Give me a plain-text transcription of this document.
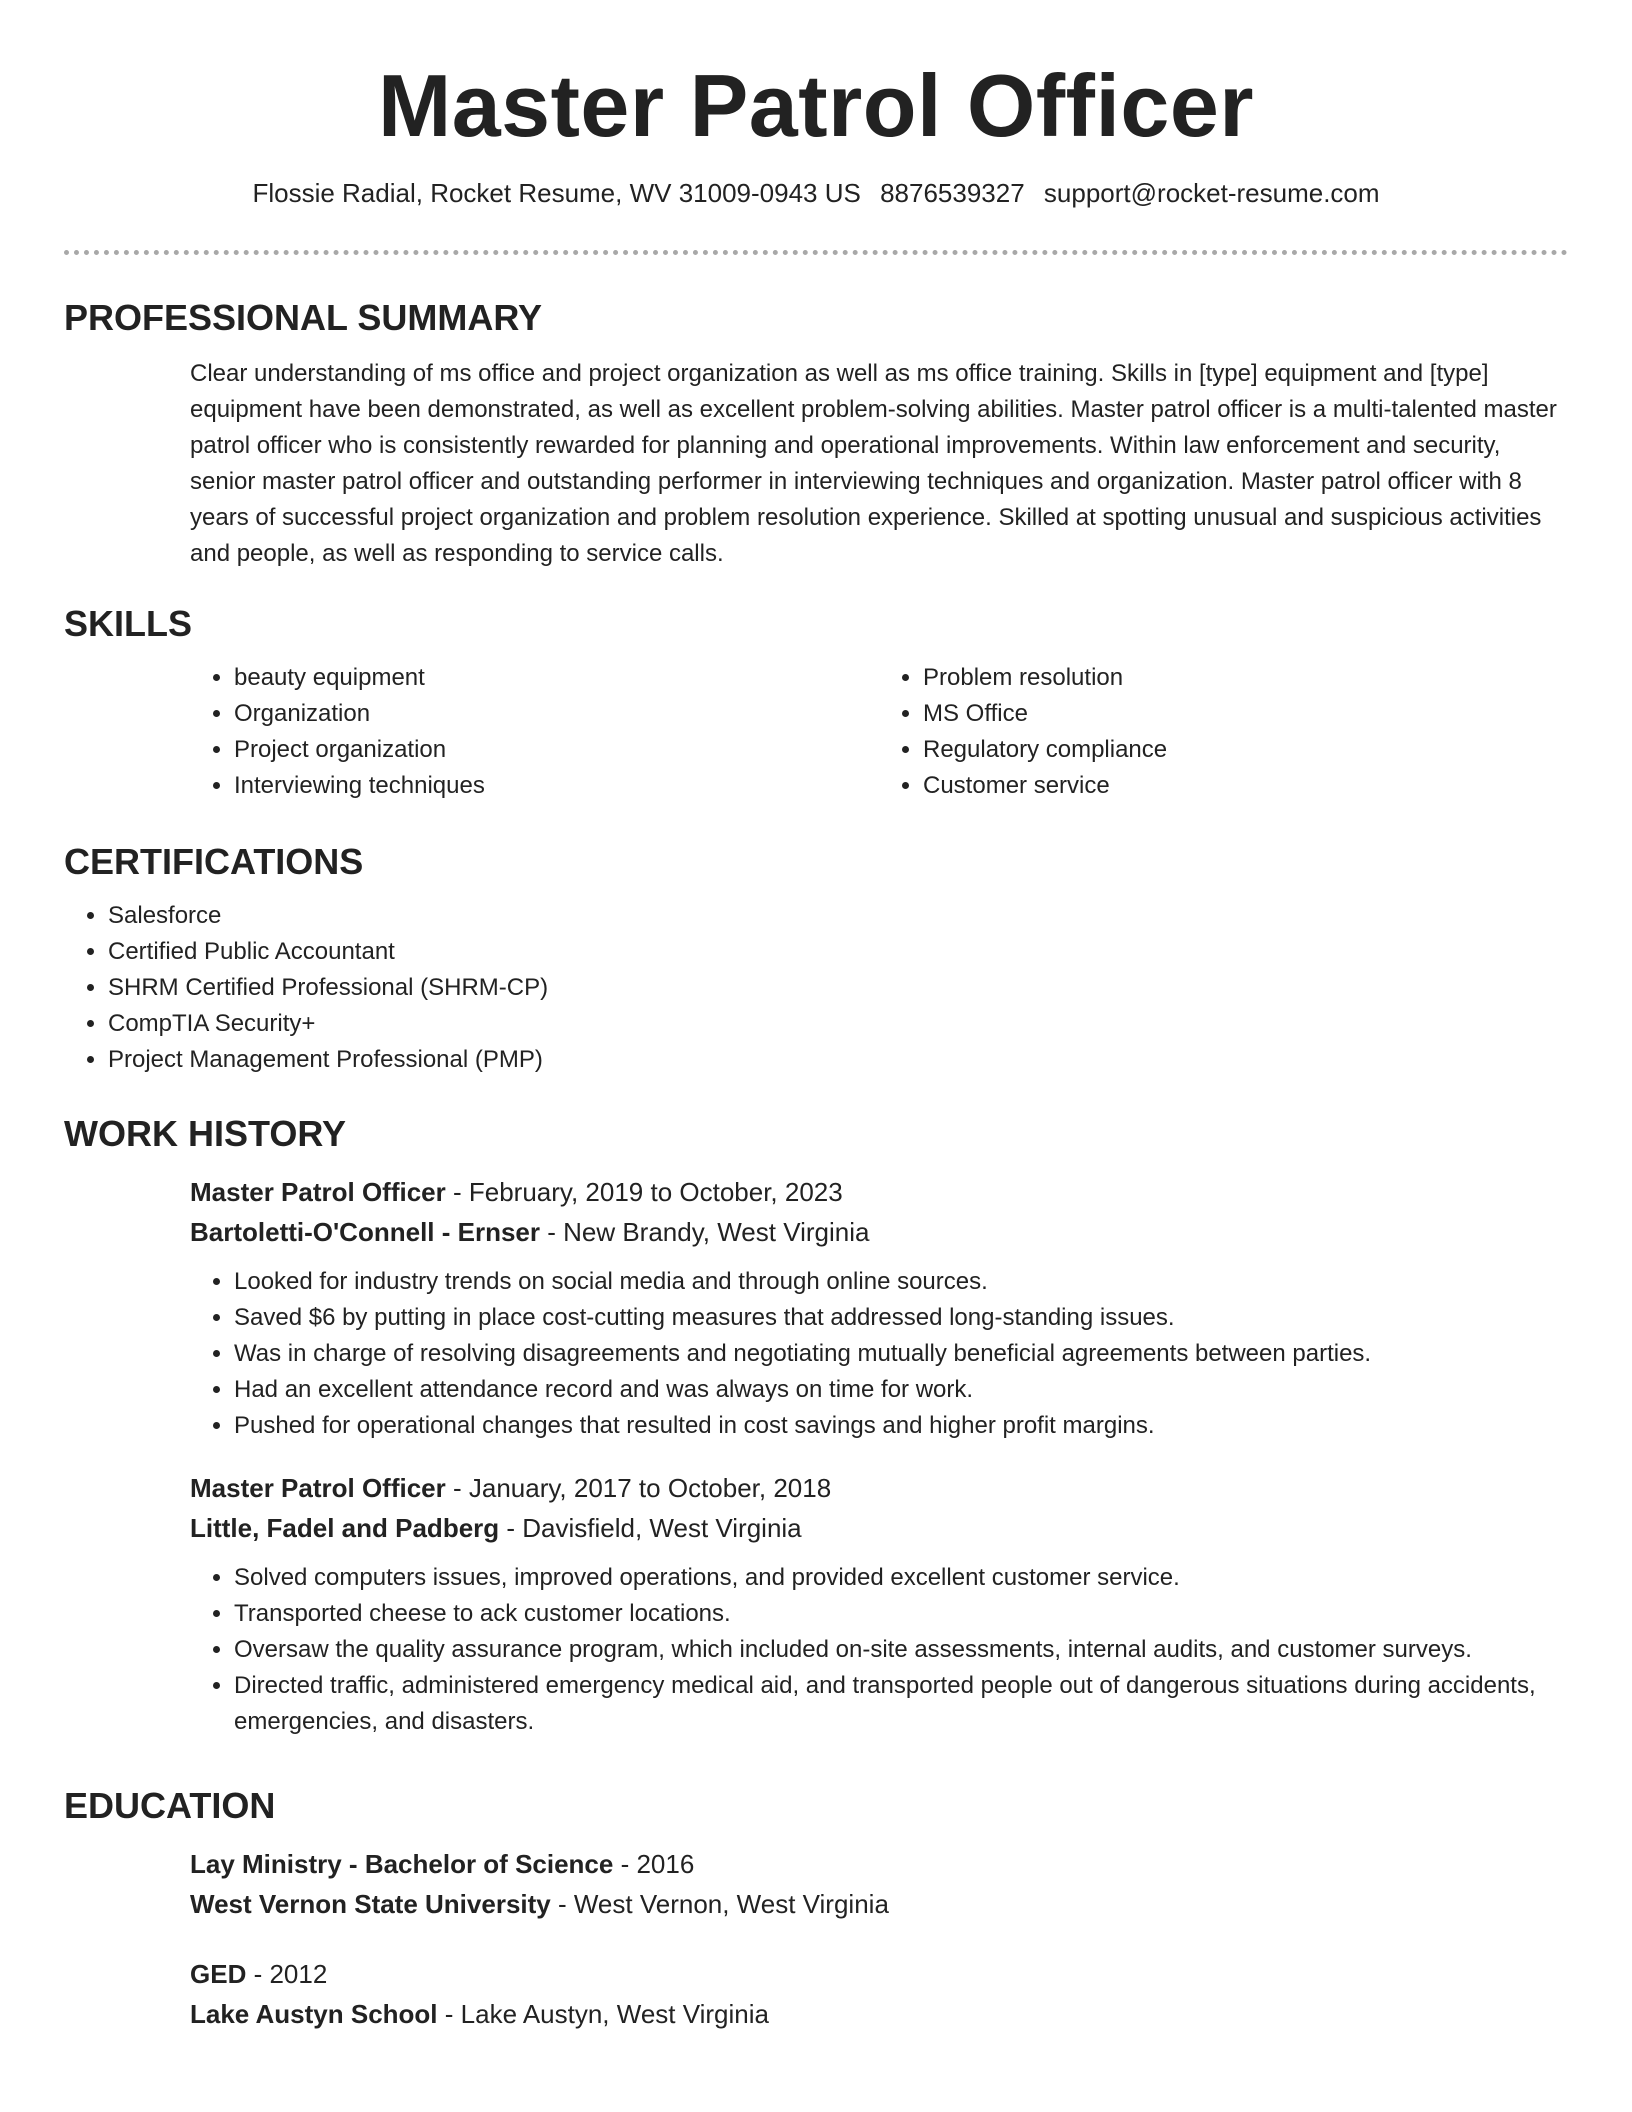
Master Patrol Officer
Flossie Radial, Rocket Resume, WV 31009-0943 US 8876539327 support@rocket-resume.com
PROFESSIONAL SUMMARY
Clear understanding of ms office and project organization as well as ms office training. Skills in [type] equipment and [type] equipment have been demonstrated, as well as excellent problem-solving abilities. Master patrol officer is a multi-talented master patrol officer who is consistently rewarded for planning and operational improvements. Within law enforcement and security, senior master patrol officer and outstanding performer in interviewing techniques and organization. Master patrol officer with 8 years of successful project organization and problem resolution experience. Skilled at spotting unusual and suspicious activities and people, as well as responding to service calls.
SKILLS
• beauty equipment
• Organization
• Project organization
• Interviewing techniques
• Problem resolution
• MS Office
• Regulatory compliance
• Customer service
CERTIFICATIONS
• Salesforce
• Certified Public Accountant
• SHRM Certified Professional (SHRM-CP)
• CompTIA Security+
• Project Management Professional (PMP)
WORK HISTORY
Master Patrol Officer - February, 2019 to October, 2023
Bartoletti-O'Connell - Ernser - New Brandy, West Virginia
• Looked for industry trends on social media and through online sources.
• Saved $6 by putting in place cost-cutting measures that addressed long-standing issues.
• Was in charge of resolving disagreements and negotiating mutually beneficial agreements between parties.
• Had an excellent attendance record and was always on time for work.
• Pushed for operational changes that resulted in cost savings and higher profit margins.
Master Patrol Officer - January, 2017 to October, 2018
Little, Fadel and Padberg - Davisfield, West Virginia
• Solved computers issues, improved operations, and provided excellent customer service.
• Transported cheese to ack customer locations.
• Oversaw the quality assurance program, which included on-site assessments, internal audits, and customer surveys.
• Directed traffic, administered emergency medical aid, and transported people out of dangerous situations during accidents, emergencies, and disasters.
EDUCATION
Lay Ministry - Bachelor of Science - 2016
West Vernon State University - West Vernon, West Virginia
GED - 2012
Lake Austyn School - Lake Austyn, West Virginia
